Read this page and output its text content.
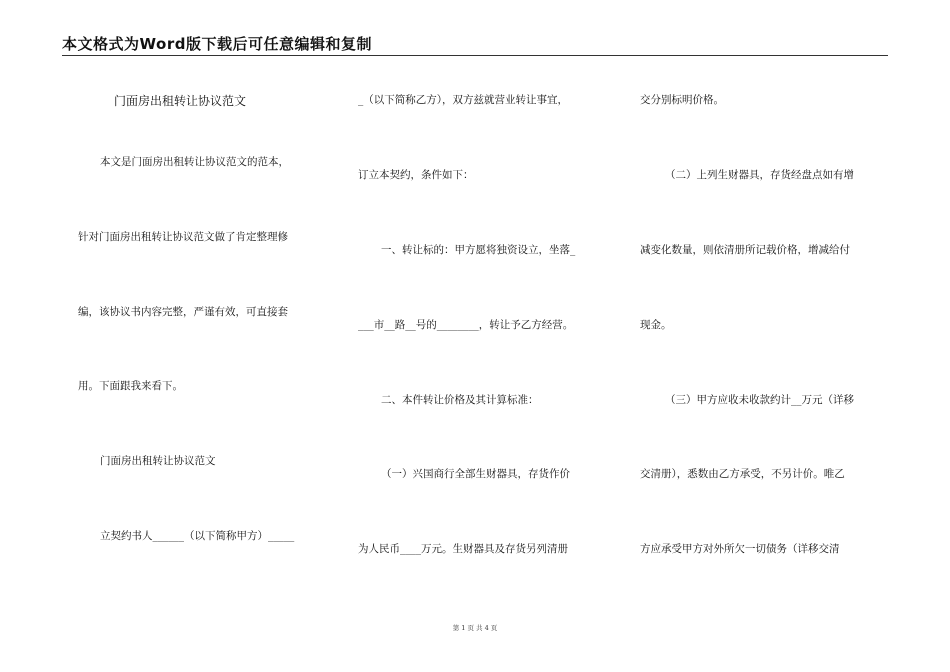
本文格式为Word版下载后可任意编辑和复制
门面房出租转让协议范文
本文是门面房出租转让协议范文的范本，
针对门面房出租转让协议范文做了肯定整理修
编，该协议书内容完整，严谨有效，可直接套
用。下面跟我来看下。
门面房出租转让协议范文
立契约书人______（以下简称甲方）_____
_（以下简称乙方），双方兹就营业转让事宜，
订立本契约，条件如下：
一、转让标的：甲方愿将独资设立，坐落_
___市__路__号的________，转让予乙方经营。
二、本件转让价格及其计算标准：
（一）兴国商行全部生财器具，存货作价
为人民币____万元。生财器具及存货另列清册
交分别标明价格。
（二）上列生财器具，存货经盘点如有增
减变化数量，则依清册所记载价格，增减给付
现金。
（三）甲方应收未收款约计__万元（详移
交清册），悉数由乙方承受，不另计价。唯乙
方应承受甲方对外所欠一切债务（详移交清
第 1 页 共 4 页
